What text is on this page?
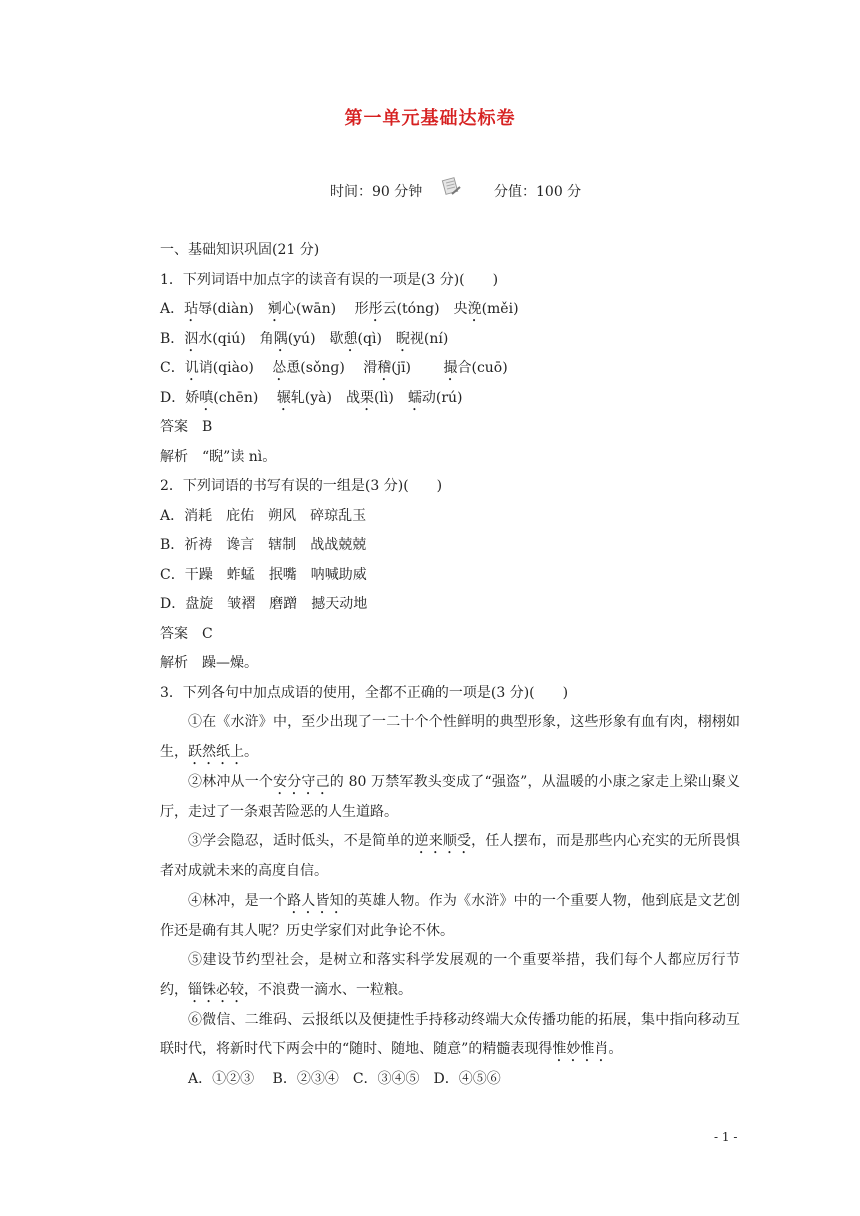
第一单元基础达标卷
时间：90 分钟	分值：100 分
一、基础知识巩固(21 分)
1．下列词语中加点字的读音有误的一项是(3 分)(　　)
A．玷辱(diàn)　剜心(wān)　 形彤云(tóng)　央浼(měi)
B．泅水(qiú)　角隅(yú)　歇憩(qì)　睨视(ní)
C．讥诮(qiào)　 怂恿(sǒnɡ)　 滑稽(jī)　　 撮合(cuō)
D．娇嗔(chēn)　 辗轧(yà)　战栗(lì)　蠕动(rú)
答案　B
解析　“睨”读 nì。
2．下列词语的书写有误的一组是(3 分)(　　)
A．消耗　庇佑　朔风　碎琼乱玉
B．祈祷　谗言　辖制　战战兢兢
C．干躁　蚱蜢　抿嘴　呐喊助威
D．盘旋　皱褶　磨蹭　撼天动地
答案　C
解析　躁—燥。
3．下列各句中加点成语的使用，全都不正确的一项是(3 分)(　　)
①在《水浒》中，至少出现了一二十个个性鲜明的典型形象，这些形象有血有肉，栩栩如生，跃然纸上。
②林冲从一个安分守己的 80 万禁军教头变成了“强盗”，从温暖的小康之家走上梁山聚义厅，走过了一条艰苦险恶的人生道路。
③学会隐忍，适时低头，不是简单的逆来顺受，任人摆布，而是那些内心充实的无所畏惧者对成就未来的高度自信。
④林冲，是一个路人皆知的英雄人物。作为《水浒》中的一个重要人物，他到底是文艺创作还是确有其人呢？历史学家们对此争论不休。
⑤建设节约型社会，是树立和落实科学发展观的一个重要举措，我们每个人都应厉行节约，锱铢必较，不浪费一滴水、一粒粮。
⑥微信、二维码、云报纸以及便捷性手持移动终端大众传播功能的拓展，集中指向移动互联时代，将新时代下两会中的“随时、随地、随意”的精髓表现得惟妙惟肖。
A．①②③　 B．②③④　C．③④⑤　D．④⑤⑥
- 1 -
